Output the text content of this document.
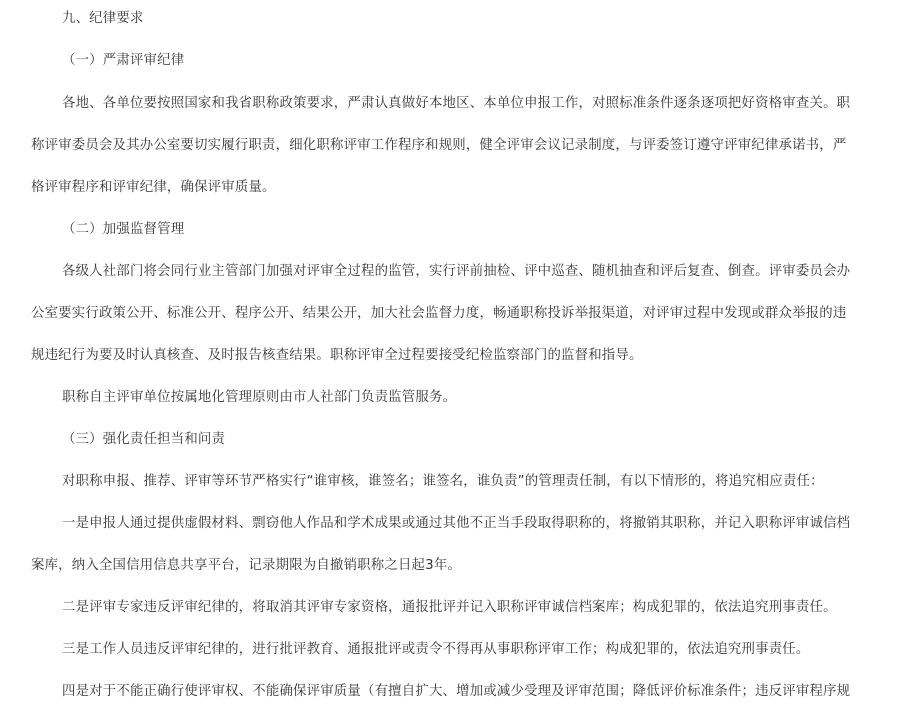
九、纪律要求
（一）严肃评审纪律
各地、各单位要按照国家和我省职称政策要求，严肃认真做好本地区、本单位申报工作，对照标准条件逐条逐项把好资格审查关。职
称评审委员会及其办公室要切实履行职责，细化职称评审工作程序和规则，健全评审会议记录制度，与评委签订遵守评审纪律承诺书，严
格评审程序和评审纪律，确保评审质量。
（二）加强监督管理
各级人社部门将会同行业主管部门加强对评审全过程的监管，实行评前抽检、评中巡查、随机抽查和评后复查、倒查。评审委员会办
公室要实行政策公开、标准公开、程序公开、结果公开，加大社会监督力度，畅通职称投诉举报渠道，对评审过程中发现或群众举报的违
规违纪行为要及时认真核查、及时报告核查结果。职称评审全过程要接受纪检监察部门的监督和指导。
职称自主评审单位按属地化管理原则由市人社部门负责监管服务。
（三）强化责任担当和问责
对职称申报、推荐、评审等环节严格实行“谁审核，谁签名；谁签名，谁负责”的管理责任制，有以下情形的，将追究相应责任：
一是申报人通过提供虚假材料、剽窃他人作品和学术成果或通过其他不正当手段取得职称的，将撤销其职称，并记入职称评审诚信档
案库，纳入全国信用信息共享平台，记录期限为自撤销职称之日起3年。
二是评审专家违反评审纪律的，将取消其评审专家资格，通报批评并记入职称评审诚信档案库；构成犯罪的，依法追究刑事责任。
三是工作人员违反评审纪律的，进行批评教育、通报批评或责令不得再从事职称评审工作；构成犯罪的，依法追究刑事责任。
四是对于不能正确行使评审权、不能确保评审质量（有擅自扩大、增加或减少受理及评审范围；降低评价标准条件；违反评审程序规
